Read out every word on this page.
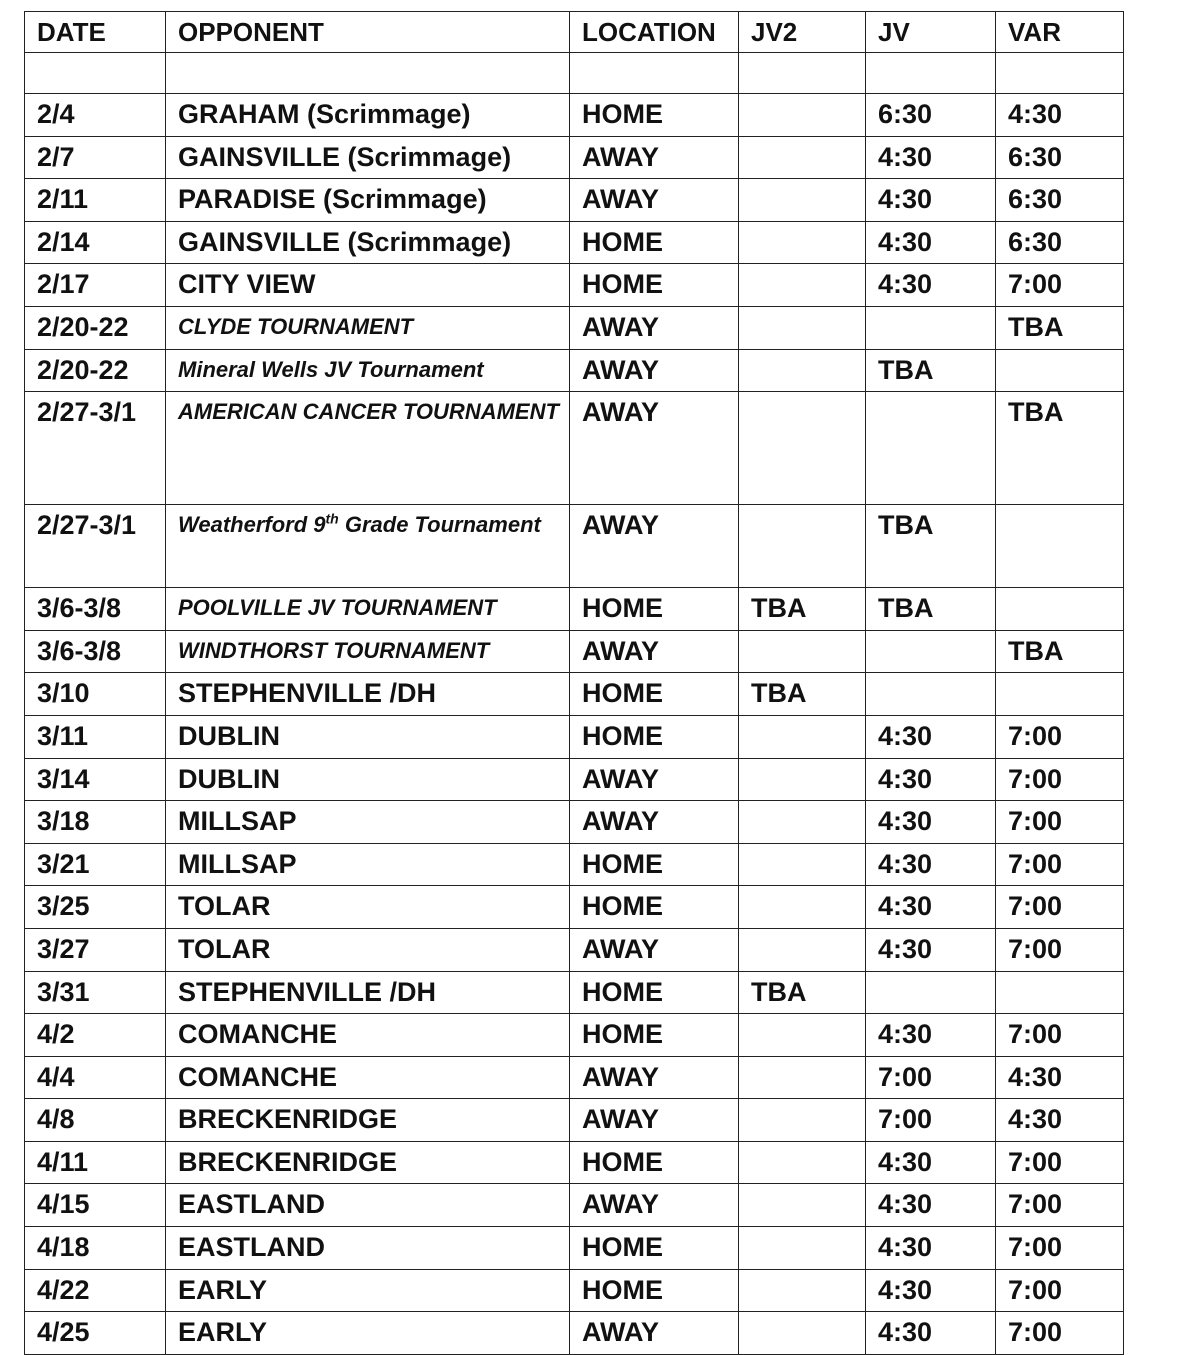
DATE	OPPONENT	LOCATION	JV2	JV	VAR

2/4	GRAHAM (Scrimmage)	HOME		6:30	4:30
2/7	GAINSVILLE (Scrimmage)	AWAY		4:30	6:30
2/11	PARADISE (Scrimmage)	AWAY		4:30	6:30
2/14	GAINSVILLE (Scrimmage)	HOME		4:30	6:30
2/17	CITY VIEW	HOME		4:30	7:00
2/20-22	CLYDE TOURNAMENT	AWAY			TBA
2/20-22	Mineral Wells JV Tournament	AWAY		TBA	
2/27-3/1	AMERICAN CANCER TOURNAMENT	AWAY			TBA
2/27-3/1	Weatherford 9th Grade Tournament	AWAY		TBA	
3/6-3/8	POOLVILLE JV TOURNAMENT	HOME	TBA	TBA	
3/6-3/8	WINDTHORST TOURNAMENT	AWAY			TBA
3/10	STEPHENVILLE /DH	HOME	TBA		
3/11	DUBLIN	HOME		4:30	7:00
3/14	DUBLIN	AWAY		4:30	7:00
3/18	MILLSAP	AWAY		4:30	7:00
3/21	MILLSAP	HOME		4:30	7:00
3/25	TOLAR	HOME		4:30	7:00
3/27	TOLAR	AWAY		4:30	7:00
3/31	STEPHENVILLE /DH	HOME	TBA		
4/2	COMANCHE	HOME		4:30	7:00
4/4	COMANCHE	AWAY		7:00	4:30
4/8	BRECKENRIDGE	AWAY		7:00	4:30
4/11	BRECKENRIDGE	HOME		4:30	7:00
4/15	EASTLAND	AWAY		4:30	7:00
4/18	EASTLAND	HOME		4:30	7:00
4/22	EARLY	HOME		4:30	7:00
4/25	EARLY	AWAY		4:30	7:00
